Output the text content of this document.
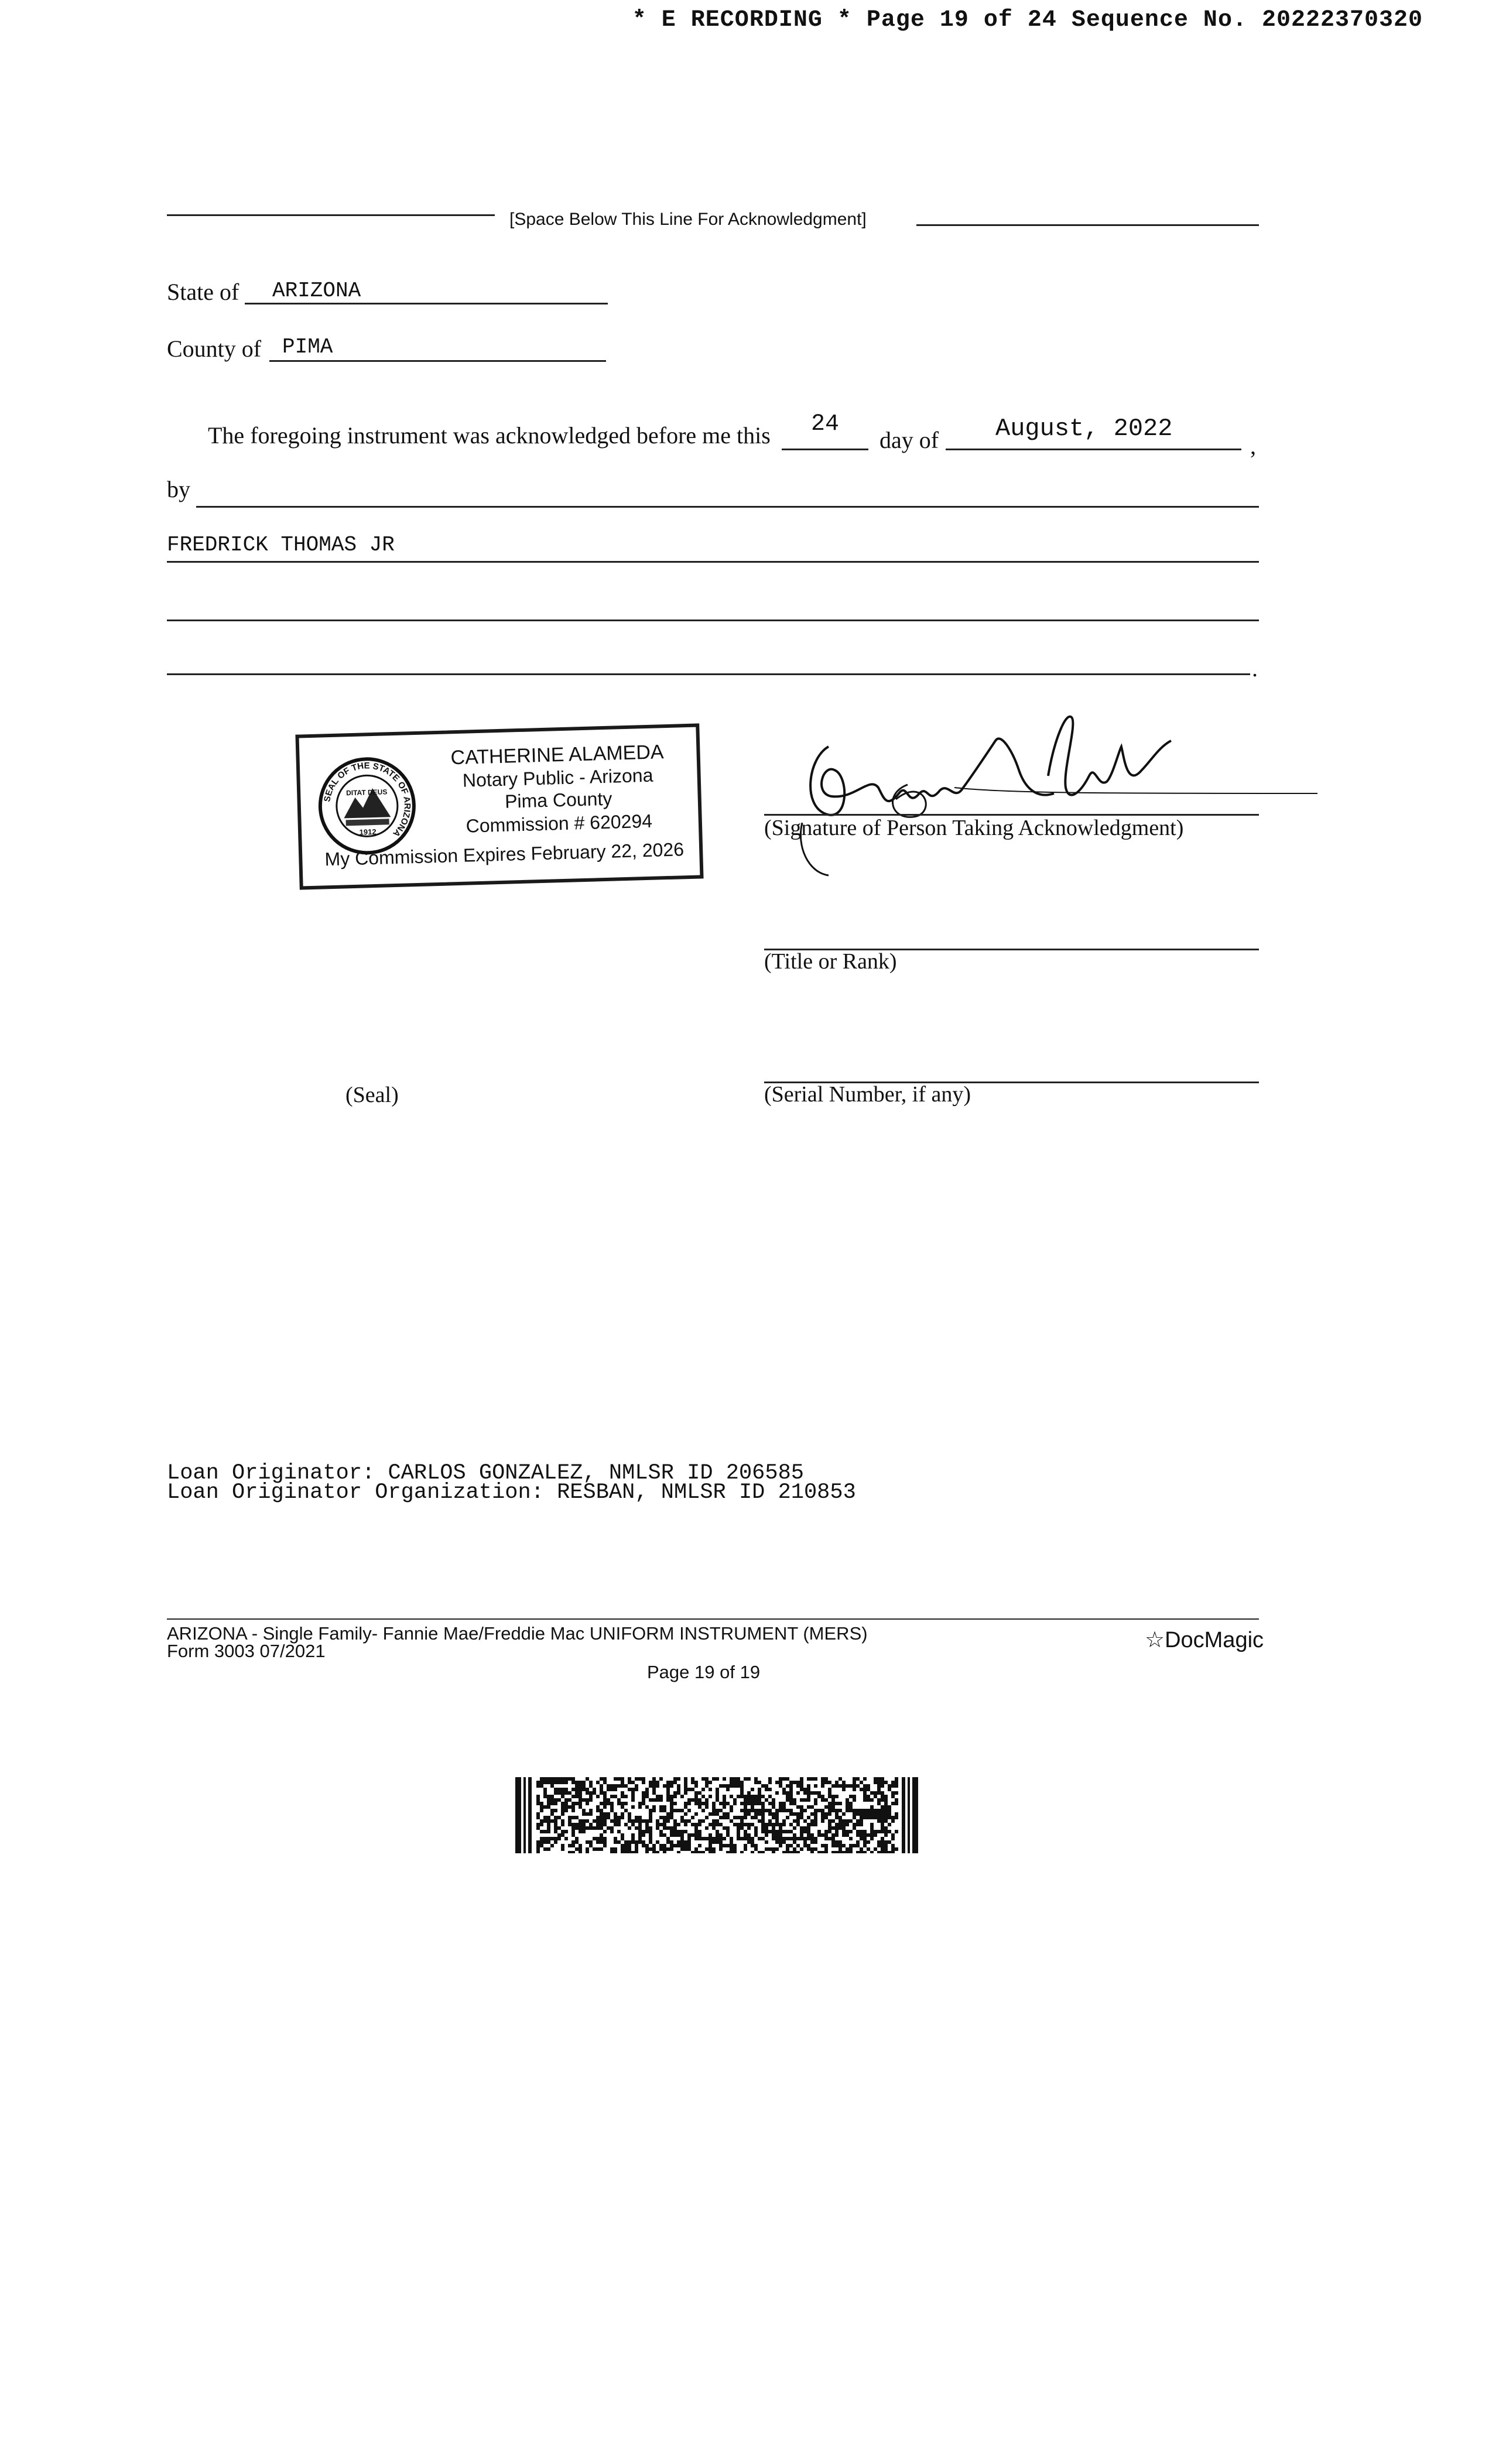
* E RECORDING * Page 19 of 24 Sequence No. 20222370320
[Space Below This Line For Acknowledgment]
State of ARIZONA
County of PIMA
The foregoing instrument was acknowledged before me this 24
day of August, 2022
,
by
FREDRICK THOMAS JR
.
SEAL OF THE STATE OF ARIZONA
DITAT DEUS
1912
CATHERINE ALAMEDA
Notary Public - Arizona
Pima County
Commission # 620294
My Commission Expires February 22, 2026
(Signature of Person Taking Acknowledgment)
(Title or Rank)
(Serial Number, if any)
(Seal)
Loan Originator: CARLOS GONZALEZ, NMLSR ID 206585
Loan Originator Organization: RESBAN, NMLSR ID 210853
ARIZONA - Single Family- Fannie Mae/Freddie Mac UNIFORM INSTRUMENT (MERS)
Form 3003 07/2021	☆DocMagic
Page 19 of 19
